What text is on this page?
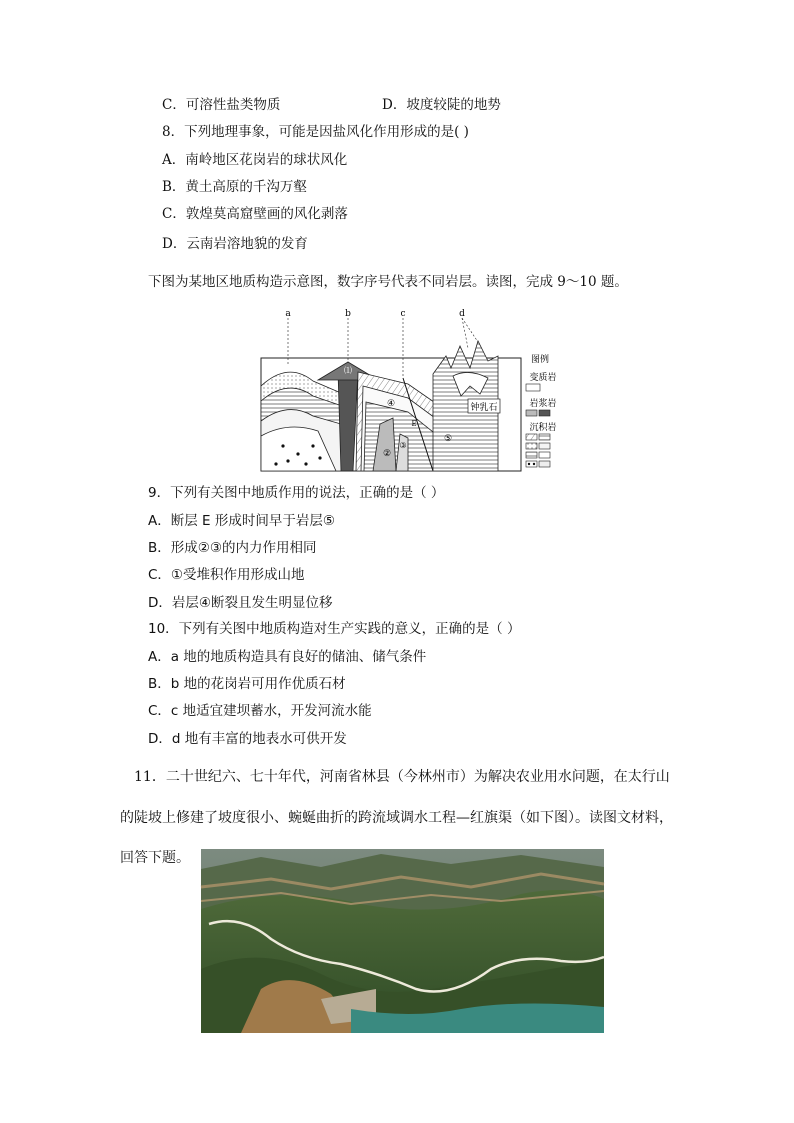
C．可溶性盐类物质	D．坡度较陡的地势
8．下列地理事象，可能是因盐风化作用形成的是( )
A．南岭地区花岗岩的球状风化
B．黄土高原的千沟万壑
C．敦煌莫高窟壁画的风化剥落
D．云南岩溶地貌的发育
下图为某地区地质构造示意图，数字序号代表不同岩层。读图，完成 9～10 题。
钟乳石
a	b	c	d
⑴
④
⑤
②
③
E
图例
变质岩
岩浆岩
沉积岩
9．下列有关图中地质作用的说法，正确的是（ ）
A．断层 E 形成时间早于岩层⑤
B．形成②③的内力作用相同
C．①受堆积作用形成山地
D．岩层④断裂且发生明显位移
10．下列有关图中地质构造对生产实践的意义，正确的是（ ）
A．a 地的地质构造具有良好的储油、储气条件
B．b 地的花岗岩可用作优质石材
C．c 地适宜建坝蓄水，开发河流水能
D．d 地有丰富的地表水可供开发
11．二十世纪六、七十年代，河南省林县（今林州市）为解决农业用水问题，在太行山
的陡坡上修建了坡度很小、蜿蜒曲折的跨流域调水工程—红旗渠（如下图）。读图文材料，
回答下题。
